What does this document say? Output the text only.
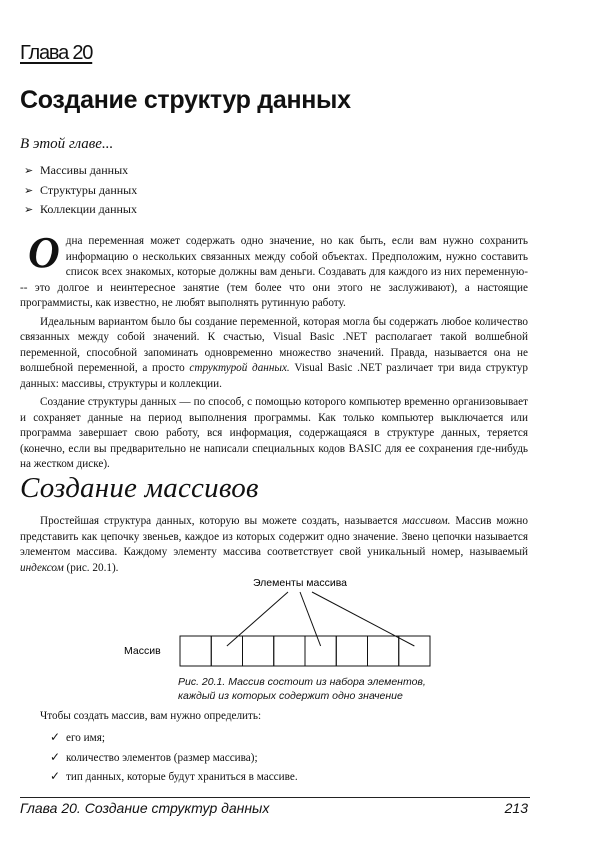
Глава 20
Создание структур данных
В этой главе...
➢ Массивы данных
➢ Структуры данных
➢ Коллекции данных

Одна переменная может содержать одно значение, но как быть, если вам нужно сохранить информацию о нескольких связанных между собой объектах. Предположим, нужно составить список всех знакомых, которые должны вам деньги. Создавать для каждого из них переменную--- это долгое и неинтересное занятие (тем более что они этого не заслуживают), а настоящие программисты, как известно, не любят выполнять рутинную работу.

Идеальным вариантом было бы создание переменной, которая могла бы содержать любое количество связанных между собой значений. К счастью, Visual Basic .NET располагает такой волшебной переменной, способной запоминать одновременно множество значений. Правда, называется она не волшебной переменной, а просто структурой данных. Visual Basic .NET различает три вида структур данных: массивы, структуры и коллекции.

Создание структуры данных — по способ, с помощью которого компьютер временно организовывает и сохраняет данные на период выполнения программы. Как только компьютер выключается или программа завершает свою работу, вся информация, содержащаяся в структуре данных, теряется (конечно, если вы предварительно не написали специальных кодов BASIC для ее сохранения где-нибудь на жестком диске).

Создание массивов

Простейшая структура данных, которую вы можете создать, называется массивом. Массив можно представить как цепочку звеньев, каждое из которых содержит одно значение. Звено цепочки называется элементом массива. Каждому элементу массива соответствует свой уникальный номер, называемый индексом (рис. 20.1).

Элементы массива
Массив
Рис. 20.1. Массив состоит из набора элементов,
каждый из которых содержит одно значение
Чтобы создать массив, вам нужно определить:
✓ его имя;
✓ количество элементов (размер массива);
✓ тип данных, которые будут храниться в массиве.
Глава 20. Создание структур данных	213
